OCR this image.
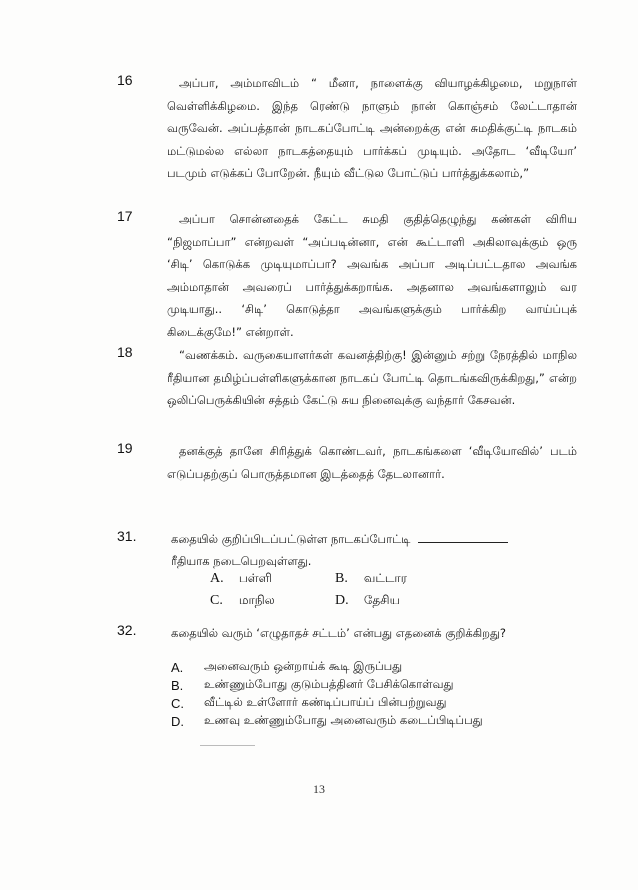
16	அப்பா, அம்மாவிடம் “ மீனா, நாளைக்கு வியாழக்கிழமை, மறுநாள் வெள்ளிக்கிழமை. இந்த ரெண்டு நாளும் நான் கொஞ்சம் லேட்டாதான் வருவேன். அப்பத்தான் நாடகப்போட்டி அன்றைக்கு என் சுமதிக்குட்டி நாடகம் மட்டுமல்ல எல்லா நாடகத்தையும் பார்க்கப் முடியும். அதோட ‘வீடியோ’ படமும் எடுக்கப் போறேன். நீயும் வீட்டுல போட்டுப் பார்த்துக்கலாம்,”
17	அப்பா சொன்னதைக் கேட்ட சுமதி குதித்தெழுந்து கண்கள் விரிய “நிஜமாப்பா” என்றவள் “அப்படின்னா, என் கூட்டாளி அகிலாவுக்கும் ஒரு ‘சிடி’ கொடுக்க முடியுமாப்பா? அவங்க அப்பா அடிப்பட்டதால அவங்க அம்மாதான் அவரைப் பார்த்துக்கறாங்க. அதனால அவங்களாலும் வர முடியாது.. ‘சிடி’ கொடுத்தா அவங்களுக்கும் பார்க்கிற வாய்ப்புக் கிடைக்குமே!” என்றாள்.
18	“வணக்கம். வருகையாளர்கள் கவனத்திற்கு! இன்னும் சற்று நேரத்தில் மாநில ரீதியான தமிழ்ப்பள்ளிகளுக்கான நாடகப் போட்டி தொடங்கவிருக்கிறது,” என்ற ஒலிப்பெருக்கியின் சத்தம் கேட்டு சுய நினைவுக்கு வந்தார் கேசவன்.
19	தனக்குத் தானே சிரித்துக் கொண்டவர், நாடகங்களை ‘வீடியோவில்’ படம் எடுப்பதற்குப் பொருத்தமான இடத்தைத் தேடலானார்.
31.	கதையில் குறிப்பிடப்பட்டுள்ள நாடகப்போட்டி
ரீதியாக நடைபெறவுள்ளது.
A.	பள்ளி	B.	வட்டார
C.	மாநில	D.	தேசிய
32.	கதையில் வரும் ‘எழுதாதச் சட்டம்’ என்பது எதனைக் குறிக்கிறது?
A.	அனைவரும் ஒன்றாய்க் கூடி இருப்பது
B.	உண்ணும்போது குடும்பத்தினர் பேசிக்கொள்வது
C.	வீட்டில் உள்ளோர் கண்டிப்பாய்ப் பின்பற்றுவது
D.	உணவு உண்ணும்போது அனைவரும் கடைப்பிடிப்பது
13
